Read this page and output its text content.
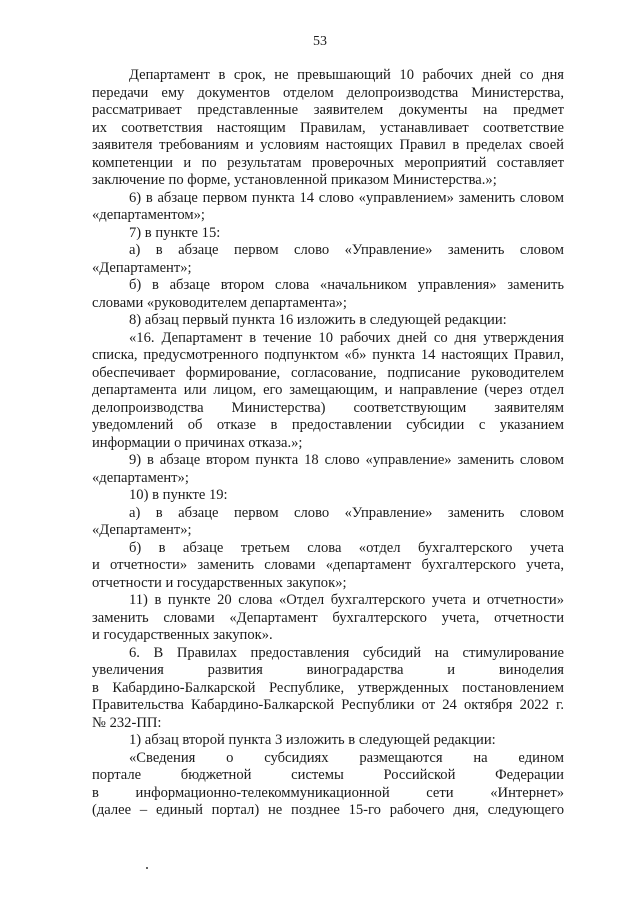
53
Департамент в срок, не превышающий 10 рабочих дней со дня
передачи ему документов отделом делопроизводства Министерства,
рассматривает представленные заявителем документы на предмет
их соответствия настоящим Правилам, устанавливает соответствие
заявителя требованиям и условиям настоящих Правил в пределах своей
компетенции и по результатам проверочных мероприятий составляет
заключение по форме, установленной приказом Министерства.»;
6) в абзаце первом пункта 14 слово «управлением» заменить словом
«департаментом»;
7) в пункте 15:
а) в абзаце первом слово «Управление» заменить словом
«Департамент»;
б) в абзаце втором слова «начальником управления» заменить
словами «руководителем департамента»;
8) абзац первый пункта 16 изложить в следующей редакции:
«16. Департамент в течение 10 рабочих дней со дня утверждения
списка, предусмотренного подпунктом «б» пункта 14 настоящих Правил,
обеспечивает формирование, согласование, подписание руководителем
департамента или лицом, его замещающим, и направление (через отдел
делопроизводства Министерства) соответствующим заявителям
уведомлений об отказе в предоставлении субсидии с указанием
информации о причинах отказа.»;
9) в абзаце втором пункта 18 слово «управление» заменить словом
«департамент»;
10) в пункте 19:
а) в абзаце первом слово «Управление» заменить словом
«Департамент»;
б) в абзаце третьем слова «отдел бухгалтерского учета
и отчетности» заменить словами «департамент бухгалтерского учета,
отчетности и государственных закупок»;
11) в пункте 20 слова «Отдел бухгалтерского учета и отчетности»
заменить словами «Департамент бухгалтерского учета, отчетности
и государственных закупок».
6. В Правилах предоставления субсидий на стимулирование
увеличения развития виноградарства и виноделия
в Кабардино-Балкарской Республике, утвержденных постановлением
Правительства Кабардино-Балкарской Республики от 24 октября 2022 г.
№ 232-ПП:
1) абзац второй пункта 3 изложить в следующей редакции:
«Сведения о субсидиях размещаются на едином
портале бюджетной системы Российской Федерации
в информационно-телекоммуникационной сети «Интернет»
(далее – единый портал) не позднее 15-го рабочего дня, следующего
